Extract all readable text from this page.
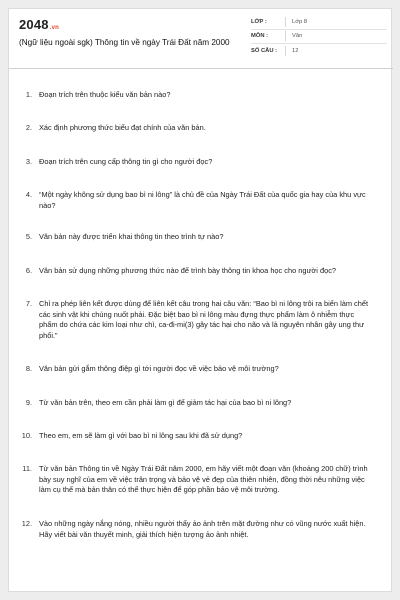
2048.vn
(Ngữ liệu ngoài sgk) Thông tin về ngày Trái Đất năm 2000
LỚP :	Lớp 8
MÔN :	Văn
SỐ CÂU :	12
1. Đoạn trích trên thuộc kiểu văn bản nào?
2. Xác định phương thức biểu đạt chính của văn bản.
3. Đoạn trích trên cung cấp thông tin gì cho người đọc?
4. “Một ngày không sử dụng bao bì ni lông” là chủ đề của Ngày Trái Đất của quốc gia hay của khu vực nào?
5. Văn bản này được triển khai thông tin theo trình tự nào?
6. Văn bản sử dụng những phương thức nào để trình bày thông tin khoa học cho người đọc?
7. Chỉ ra phép liên kết được dùng để liên kết câu trong hai câu văn: “Bao bì ni lông trôi ra biển làm chết các sinh vật khi chúng nuốt phải. Đặc biệt bao bì ni lông màu đựng thực phẩm làm ô nhiễm thực phẩm do chứa các kim loại như chì, ca-đi-mi(3) gây tác hại cho não và là nguyên nhân gây ung thư phổi.”
8. Văn bản gửi gắm thông điệp gì tới người đọc về việc bảo vệ môi trường?
9. Từ văn bản trên, theo em cần phải làm gì để giảm tác hại của bao bì ni lông?
10. Theo em, em sẽ làm gì với bao bì ni lông sau khi đã sử dụng?
11. Từ văn bản Thông tin về Ngày Trái Đất năm 2000, em hãy viết một đoạn văn (khoảng 200 chữ) trình bày suy nghĩ của em về việc trân trọng và bảo vệ vẻ đẹp của thiên nhiên, đồng thời nêu những việc làm cụ thể mà bản thân có thể thực hiện để góp phần bảo vệ môi trường.
12. Vào những ngày nắng nóng, nhiều người thấy ảo ảnh trên mặt đường như có vũng nước xuất hiện. Hãy viết bài văn thuyết minh, giải thích hiện tượng ảo ảnh nhiệt.
